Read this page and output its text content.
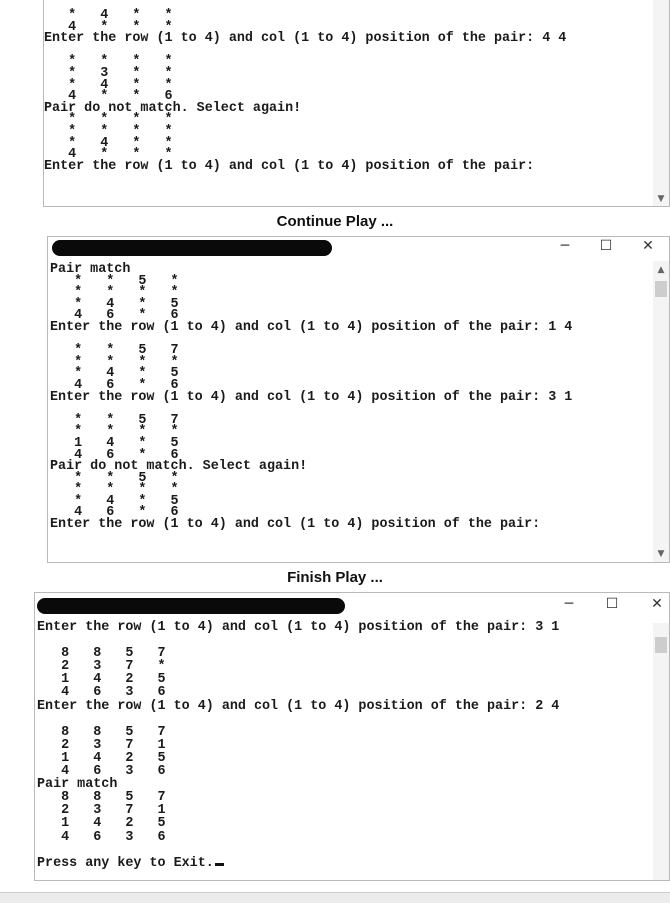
*   4   *   *
4   *   *   *
Enter the row (1 to 4) and col (1 to 4) position of the pair: 4 4

*   *   *   *
*   3   *   *
*   4   *   *
4   *   *   6
Pair do not match. Select again!
*   *   *   *
*   *   *   *
*   4   *   *
4   *   *   *
Enter the row (1 to 4) and col (1 to 4) position of the pair:
▼
Continue Play ...
─	☐	✕
Pair match
*   *   5   *
*   *   *   *
*   4   *   5
4   6   *   6
Enter the row (1 to 4) and col (1 to 4) position of the pair: 1 4

*   *   5   7
*   *   *   *
*   4   *   5
4   6   *   6
Enter the row (1 to 4) and col (1 to 4) position of the pair: 3 1

*   *   5   7
*   *   *   *
1   4   *   5
4   6   *   6
Pair do not match. Select again!
*   *   5   *
*   *   *   *
*   4   *   5
4   6   *   6
Enter the row (1 to 4) and col (1 to 4) position of the pair:
▲
▼
Finish Play ...
─	☐	✕
Enter the row (1 to 4) and col (1 to 4) position of the pair: 3 1

8   8   5   7
2   3   7   *
1   4   2   5
4   6   3   6
Enter the row (1 to 4) and col (1 to 4) position of the pair: 2 4

8   8   5   7
2   3   7   1
1   4   2   5
4   6   3   6
Pair match
8   8   5   7
2   3   7   1
1   4   2   5
4   6   3   6
Press any key to Exit.
